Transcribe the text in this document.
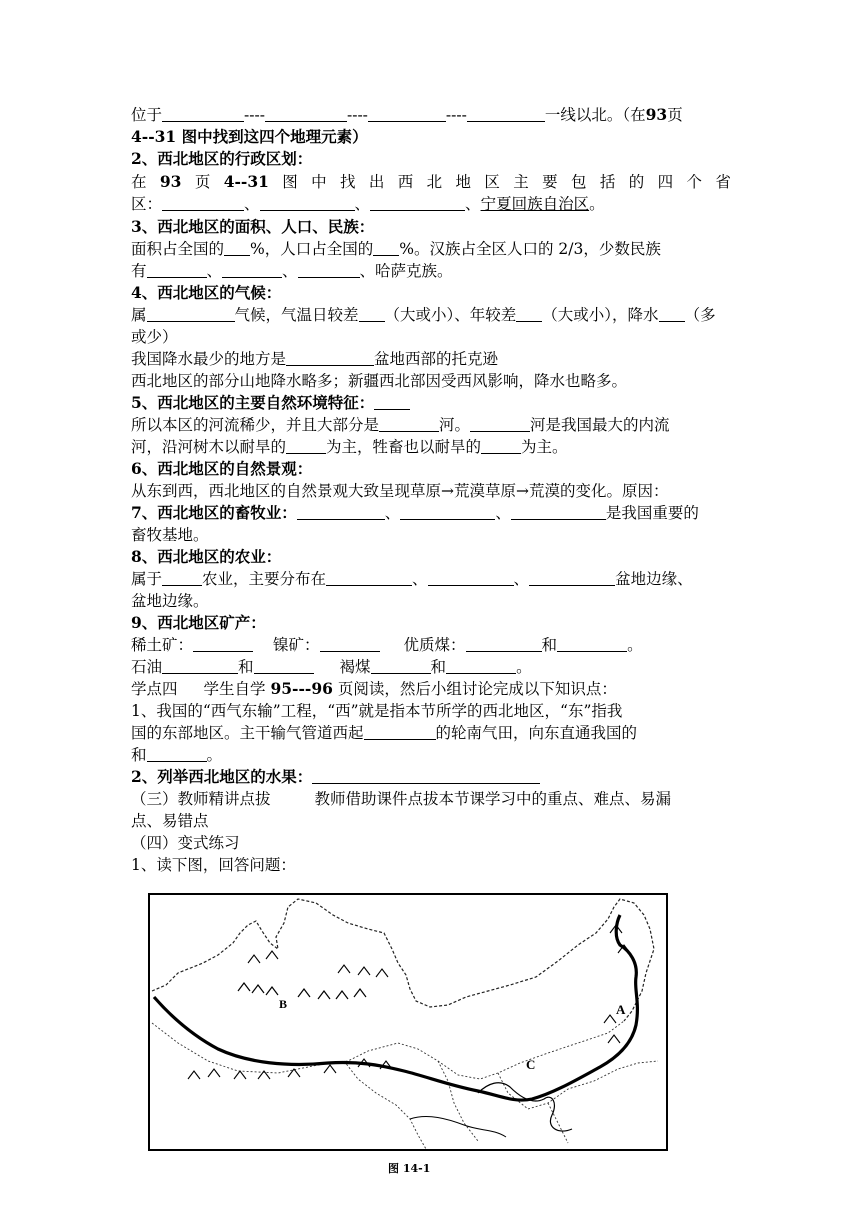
位于	----	----	----	一线以北。（在93页
4--31 图中找到这四个地理元素）
2、西北地区的行政区划：
在 93 页 4--31 图 中 找 出 西 北 地 区 主 要 包 括 的 四 个 省
区：	、	、	、宁夏回族自治区。
3、西北地区的面积、人口、民族：
面积占全国的 %，人口占全国的 %。汉族占全区人口的 2/3，少数民族
有	、	、	、哈萨克族。
4、西北地区的气候：
属	气候，气温日较差 （大或小）、年较差 （大或小），降水 （多
或少）
我国降水最少的地方是	盆地西部的托克逊
西北地区的部分山地降水略多；新疆西北部因受西风影响，降水也略多。
5、西北地区的主要自然环境特征：
所以本区的河流稀少，并且大部分是	河。	河是我国最大的内流
河，沿河树木以耐旱的	为主，牲畜也以耐旱的	为主。
6、西北地区的自然景观：
从东到西，西北地区的自然景观大致呈现草原→荒漠草原→荒漠的变化。原因：
7、西北地区的畜牧业：	、	、	是我国重要的
畜牧基地。
8、西北地区的农业：
属于	农业，主要分布在	、	、	盆地边缘、
盆地边缘。
9、西北地区矿产：
稀土矿：	镍矿：	优质煤：	和	。
石油	和	褐煤	和	。
学点四 学生自学 95---96 页阅读，然后小组讨论完成以下知识点：
1、我国的“西气东输”工程，“西”就是指本节所学的西北地区，“东”指我
国的东部地区。主干输气管道西起	的轮南气田，向东直通我国的
和	。
2、列举西北地区的水果：
（三）教师精讲点拔	教师借助课件点拔本节课学习中的重点、难点、易漏
点、易错点
（四）变式练习
1、读下图，回答问题：
B	A
C
图 14-1
